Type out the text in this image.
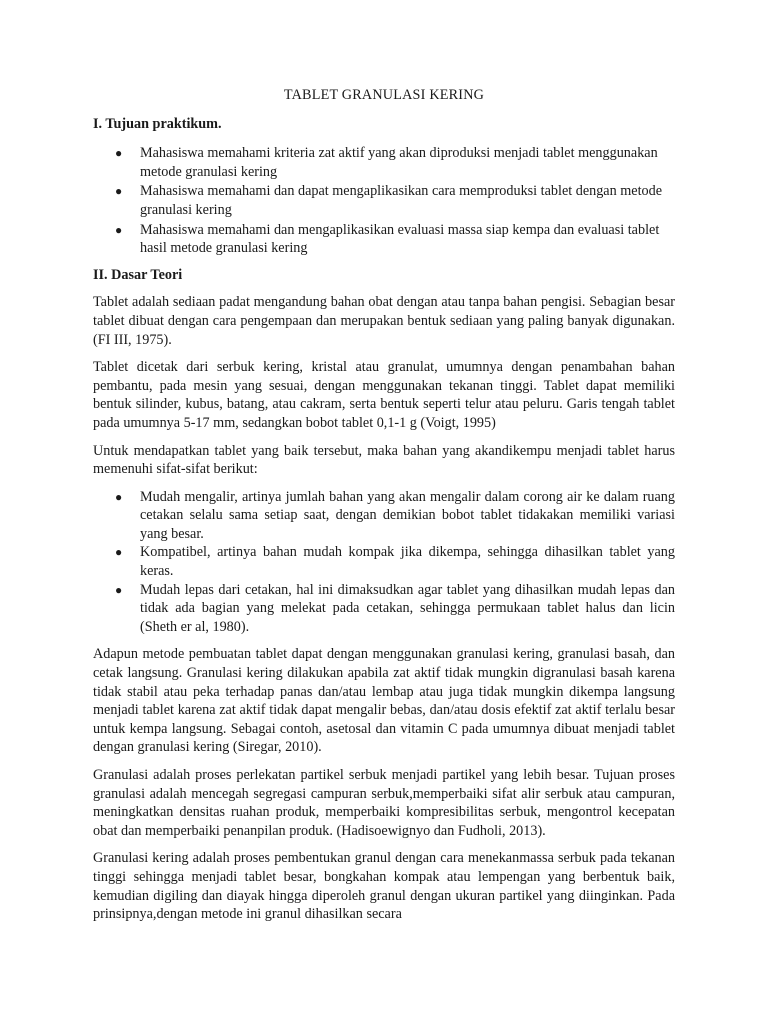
TABLET GRANULASI KERING
I. Tujuan praktikum.
● Mahasiswa memahami kriteria zat aktif yang akan diproduksi menjadi tablet menggunakan metode granulasi kering
● Mahasiswa memahami dan dapat mengaplikasikan cara memproduksi tablet dengan metode granulasi kering
● Mahasiswa memahami dan mengaplikasikan evaluasi massa siap kempa dan evaluasi tablet hasil metode granulasi kering
II. Dasar Teori

Tablet adalah sediaan padat mengandung bahan obat dengan atau tanpa bahan pengisi. Sebagian besar tablet dibuat dengan cara pengempaan dan merupakan bentuk sediaan yang paling banyak digunakan. (FI III, 1975).

Tablet dicetak dari serbuk kering, kristal atau granulat, umumnya dengan penambahan bahan pembantu, pada mesin yang sesuai, dengan menggunakan tekanan tinggi. Tablet dapat memiliki bentuk silinder, kubus, batang, atau cakram, serta bentuk seperti telur atau peluru. Garis tengah tablet pada umumnya 5-17 mm, sedangkan bobot tablet 0,1-1 g (Voigt, 1995)

Untuk mendapatkan tablet yang baik tersebut, maka bahan yang akandikempu menjadi tablet harus memenuhi sifat-sifat berikut:

● Mudah mengalir, artinya jumlah bahan yang akan mengalir dalam corong air ke dalam ruang cetakan selalu sama setiap saat, dengan demikian bobot tablet tidakakan memiliki variasi yang besar.
● Kompatibel, artinya bahan mudah kompak jika dikempa, sehingga dihasilkan tablet yang keras.
● Mudah lepas dari cetakan, hal ini dimaksudkan agar tablet yang dihasilkan mudah lepas dan tidak ada bagian yang melekat pada cetakan, sehingga permukaan tablet halus dan licin (Sheth er al, 1980).

Adapun metode pembuatan tablet dapat dengan menggunakan granulasi kering, granulasi basah, dan cetak langsung. Granulasi kering dilakukan apabila zat aktif tidak mungkin digranulasi basah karena tidak stabil atau peka terhadap panas dan/atau lembap atau juga tidak mungkin dikempa langsung menjadi tablet karena zat aktif tidak dapat mengalir bebas, dan/atau dosis efektif zat aktif terlalu besar untuk kempa langsung. Sebagai contoh, asetosal dan vitamin C pada umumnya dibuat menjadi tablet dengan granulasi kering (Siregar, 2010).

Granulasi adalah proses perlekatan partikel serbuk menjadi partikel yang lebih besar. Tujuan proses granulasi adalah mencegah segregasi campuran serbuk,memperbaiki sifat alir serbuk atau campuran, meningkatkan densitas ruahan produk, memperbaiki kompresibilitas serbuk, mengontrol kecepatan obat dan memperbaiki penanpilan produk. (Hadisoewignyo dan Fudholi, 2013).

Granulasi kering adalah proses pembentukan granul dengan cara menekanmassa serbuk pada tekanan tinggi sehingga menjadi tablet besar, bongkahan kompak atau lempengan yang berbentuk baik, kemudian digiling dan diayak hingga diperoleh granul dengan ukuran partikel yang diinginkan. Pada prinsipnya,dengan metode ini granul dihasilkan secara
